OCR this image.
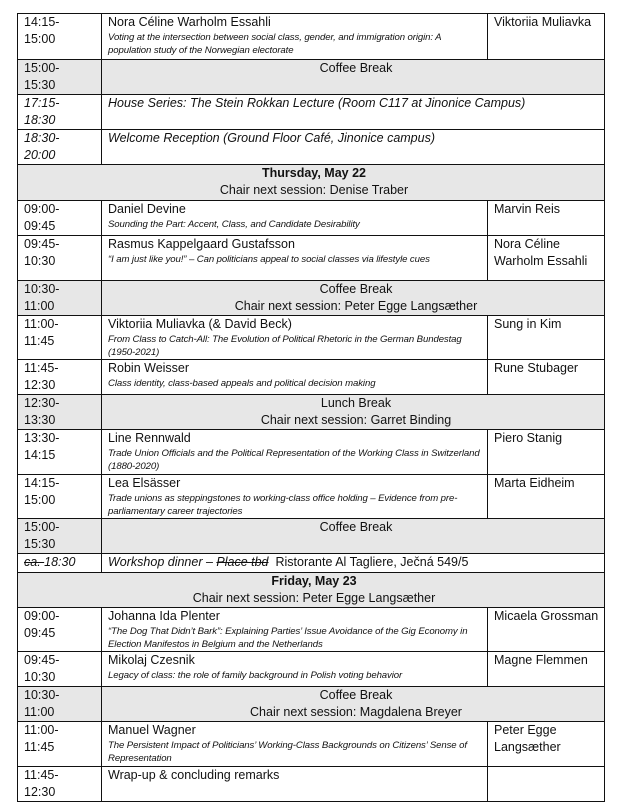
14:15-
15:00	Nora Céline Warholm Essahli
Voting at the intersection between social class, gender, and immigration origin: A population study of the Norwegian electorate	Viktoriia Muliavka
15:00-
15:30	Coffee Break	
17:15-
18:30	House Series: The Stein Rokkan Lecture (Room C117 at Jinonice Campus)	
18:30-
20:00	Welcome Reception (Ground Floor Café, Jinonice campus)	

Thursday, May 22
Chair next session: Denise Traber		

09:00-
09:45	Daniel Devine
Sounding the Part: Accent, Class, and Candidate Desirability	Marvin Reis
09:45-
10:30	Rasmus Kappelgaard Gustafsson
“I am just like you!” – Can politicians appeal to social classes via lifestyle cues	Nora Céline Warholm Essahli
10:30-
11:00	Coffee Break
Chair next session: Peter Egge Langsæther	

11:00-
11:45	Viktoriia Muliavka (& David Beck)
From Class to Catch-All: The Evolution of Political Rhetoric in the German Bundestag (1950-2021)	Sung in Kim
11:45-
12:30	Robin Weisser
Class identity, class-based appeals and political decision making	Rune Stubager
12:30-
13:30	Lunch Break
Chair next session: Garret Binding	

13:30-
14:15	Line Rennwald
Trade Union Officials and the Political Representation of the Working Class in Switzerland (1880-2020)	Piero Stanig
14:15-
15:00	Lea Elsässer
Trade unions as steppingstones to working-class office holding – Evidence from pre-parliamentary career trajectories	Marta Eidheim
15:00-
15:30	Coffee Break	
ca. 18:30	Workshop dinner – Place tbd Ristorante Al Tagliere, Ječná 549/5	

Friday, May 23
Chair next session: Peter Egge Langsæther		

09:00-
09:45	Johanna Ida Plenter
“The Dog That Didn’t Bark”: Explaining Parties’ Issue Avoidance of the Gig Economy in Election Manifestos in Belgium and the Netherlands	Micaela Grossman
09:45-
10:30	Mikolaj Czesnik
Legacy of class: the role of family background in Polish voting behavior	Magne Flemmen
10:30-
11:00	Coffee Break
Chair next session: Magdalena Breyer	

11:00-
11:45	Manuel Wagner
The Persistent Impact of Politicians’ Working-Class Backgrounds on Citizens’ Sense of Representation	Peter Egge Langsæther
11:45-
12:30	Wrap-up & concluding remarks	
